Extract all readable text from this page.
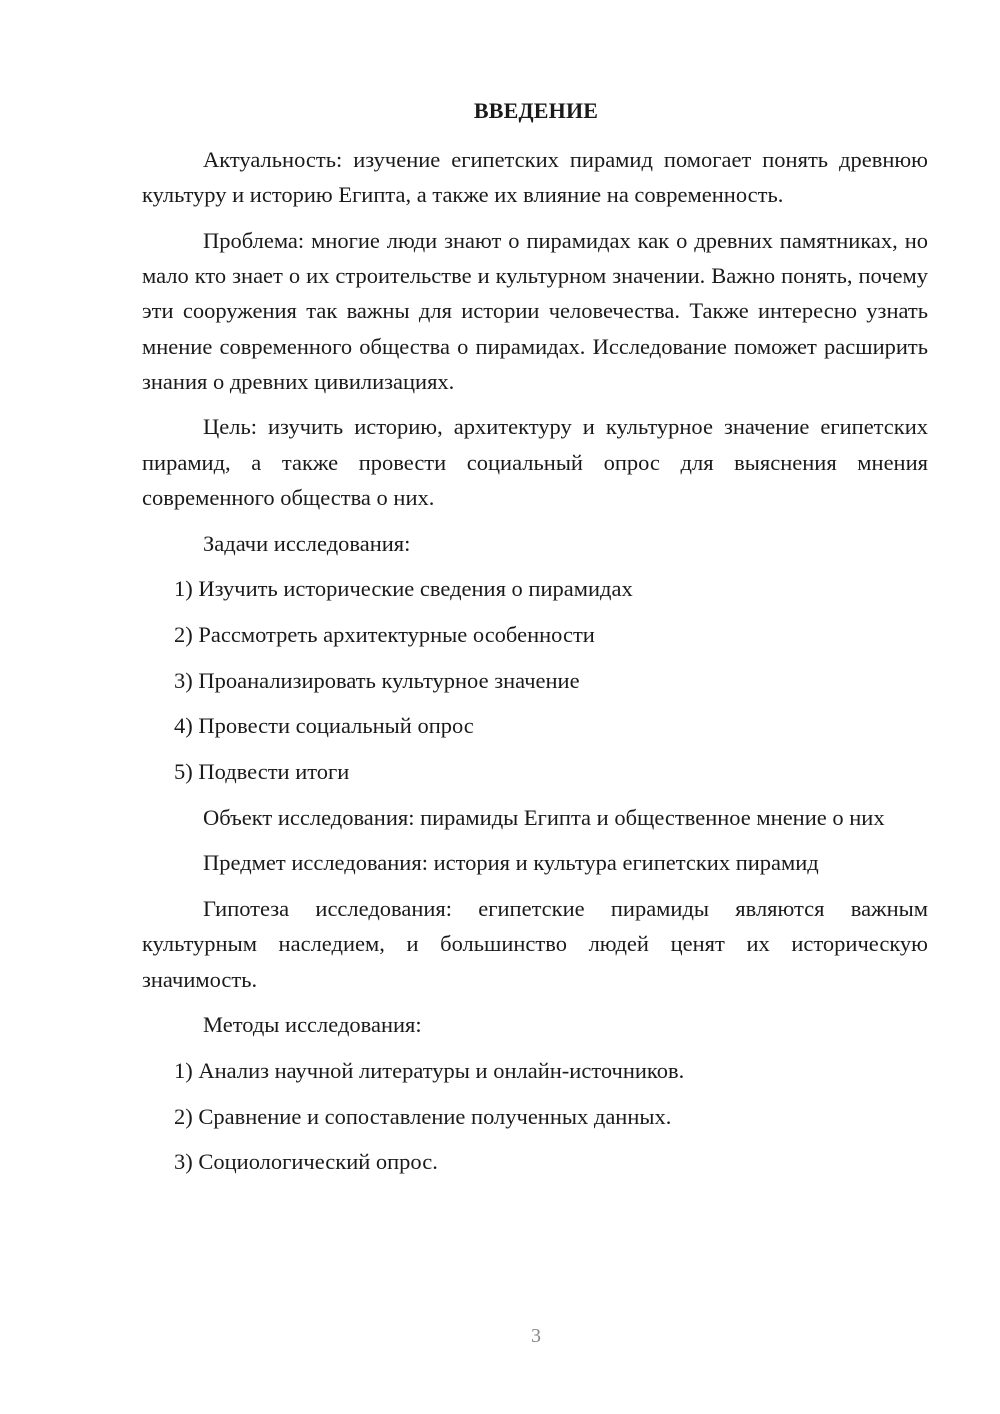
ВВЕДЕНИЕ

Актуальность: изучение египетских пирамид помогает понять древнюю культуру и историю Египта, а также их влияние на современность.

Проблема: многие люди знают о пирамидах как о древних памятниках, но мало кто знает о их строительстве и культурном значении. Важно понять, почему эти сооружения так важны для истории человечества. Также интересно узнать мнение современного общества о пирамидах. Исследование поможет расширить знания о древних цивилизациях.

Цель: изучить историю, архитектуру и культурное значение египетских пирамид, а также провести социальный опрос для выяснения мнения современного общества о них.

Задачи исследования:

1) Изучить исторические сведения о пирамидах

2) Рассмотреть архитектурные особенности

3) Проанализировать культурное значение

4) Провести социальный опрос

5) Подвести итоги

Объект исследования: пирамиды Египта и общественное мнение о них

Предмет исследования: история и культура египетских пирамид

Гипотеза исследования: египетские пирамиды являются важным культурным наследием, и большинство людей ценят их историческую значимость.

Методы исследования:

1) Анализ научной литературы и онлайн-источников.

2) Сравнение и сопоставление полученных данных.

3) Социологический опрос.

3
